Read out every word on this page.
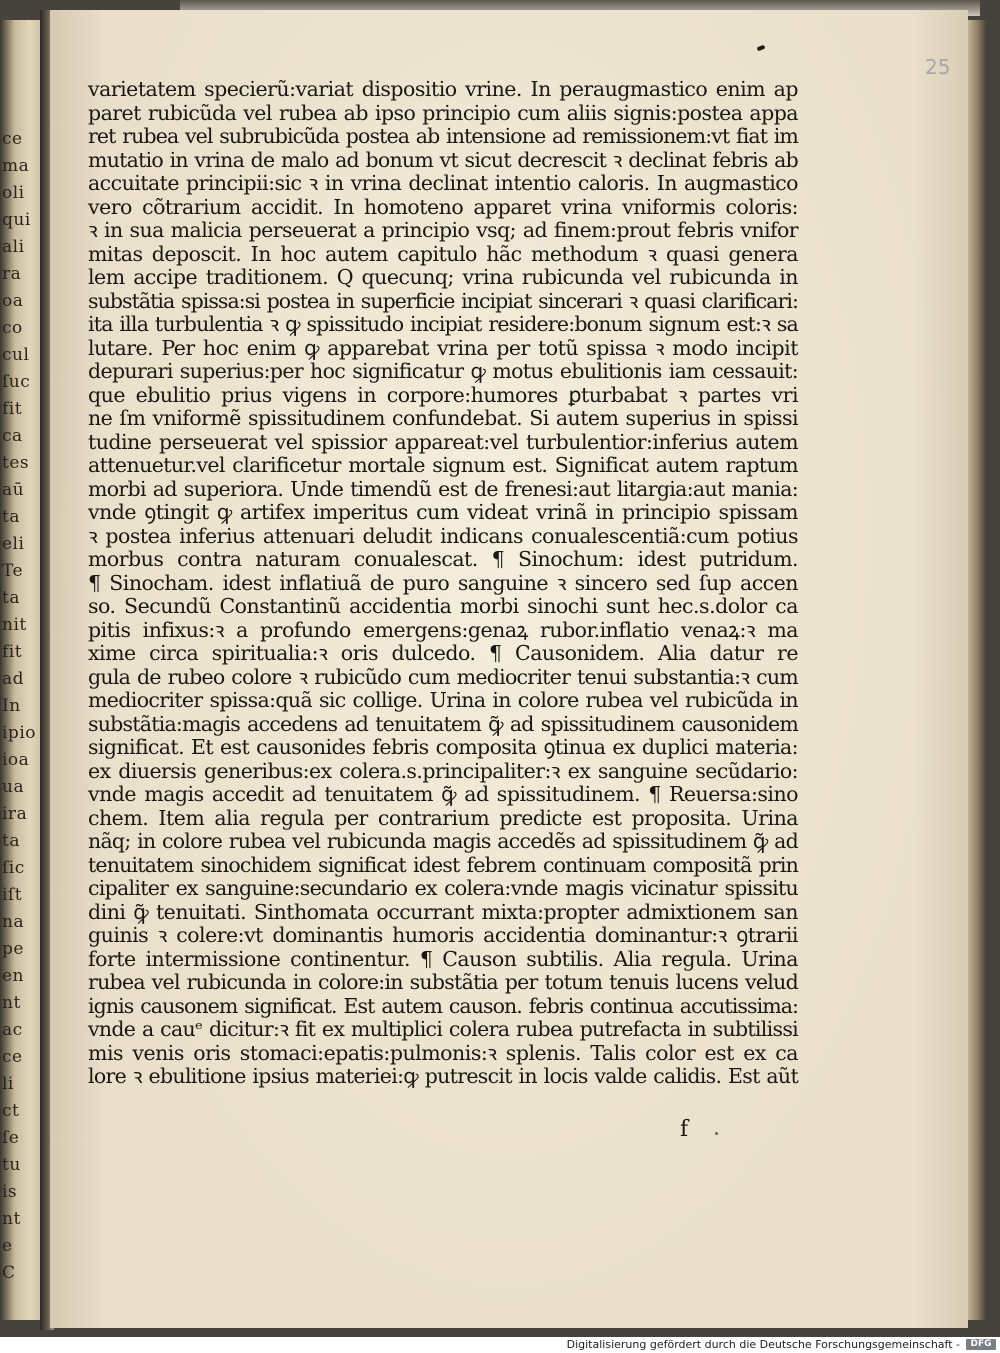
ce
ma
oli
qui
ali
ra
oa
co
cul
ſuc
fit
ca
tes
aū
ta
eli
Te
ta
nit
fit
ad
In
ipio
ioa
ua
ira
ta
ſic
iſt
na
pe
en
nt
ac
ce
li
ct
ſe
tu
is
nt
e
C
25
varietatem specierũ:variat dispositio vrine. In peraugmastico enim ap
paret rubicũda vel rubea ab ipso principio cum aliis signis:postea appa
ret rubea vel subrubicũda postea ab intensione ad remissionem:vt fiat im
mutatio in vrina de malo ad bonum vt sicut decrescit ꝛ declinat febris ab
accuitate principii:sic ꝛ in vrina declinat intentio caloris. In augmastico
vero cõtrarium accidit. In homoteno apparet vrina vniformis coloris:
ꝛ in sua malicia perseuerat a principio vsq; ad finem:prout febris vnifor
mitas deposcit. In hoc autem capitulo hãc methodum ꝛ quasi genera
lem accipe traditionem. Q quecunq; vrina rubicunda vel rubicunda in
substãtia spissa:si postea in superficie incipiat sincerari ꝛ quasi clarificari:
ita illa turbulentia ꝛ ꝙ spissitudo incipiat residere:bonum signum est:ꝛ sa
lutare. Per hoc enim ꝙ apparebat vrina per totũ spissa ꝛ modo incipit
depurari superius:per hoc significatur ꝙ motus ebulitionis iam cessauit:
que ebulitio prius vigens in corpore:humores ꝑturbabat ꝛ partes vri
ne ſm vniformẽ spissitudinem confundebat. Si autem superius in spissi
tudine perseuerat vel spissior appareat:vel turbulentior:inferius autem
attenuetur.vel clarificetur mortale signum est. Significat autem raptum
morbi ad superiora. Unde timendũ est de frenesi:aut litargia:aut mania:
vnde ꝯtingit ꝙ artifex imperitus cum videat vrinã in principio spissam
ꝛ postea inferius attenuari deludit indicans conualescentiã:cum potius
morbus contra naturam conualescat. ¶ Sinochum: idest putridum.
¶ Sinocham. idest inflatiuã de puro sanguine ꝛ sincero sed ſup accen
so. Secundũ Constantinũ accidentia morbi sinochi sunt hec.s.dolor ca
pitis infixus:ꝛ a profundo emergens:genaꝝ rubor.inflatio venaꝝ:ꝛ ma
xime circa spiritualia:ꝛ oris dulcedo. ¶ Causonidem. Alia datur re
gula de rubeo colore ꝛ rubicũdo cum mediocriter tenui substantia:ꝛ cum
mediocriter spissa:quã sic collige. Urina in colore rubea vel rubicũda in
substãtia:magis accedens ad tenuitatem ꝙ̃ ad spissitudinem causonidem
significat. Et est causonides febris composita ꝯtinua ex duplici materia:
ex diuersis generibus:ex colera.s.principaliter:ꝛ ex sanguine secũdario:
vnde magis accedit ad tenuitatem ꝙ̃ ad spissitudinem. ¶ Reuersa:sino
chem. Item alia regula per contrarium predicte est proposita. Urina
nãq; in colore rubea vel rubicunda magis accedẽs ad spissitudinem ꝙ̃ ad
tenuitatem sinochidem significat idest febrem continuam compositã prin
cipaliter ex sanguine:secundario ex colera:vnde magis vicinatur spissitu
dini ꝙ̃ tenuitati. Sinthomata occurrant mixta:propter admixtionem san
guinis ꝛ colere:vt dominantis humoris accidentia dominantur:ꝛ ꝯtrarii
forte intermissione continentur. ¶ Causon subtilis. Alia regula. Urina
rubea vel rubicunda in colore:in substãtia per totum tenuis lucens velud
ignis causonem significat. Est autem causon. febris continua accutissima:
vnde a cauᵉ dicitur:ꝛ fit ex multiplici colera rubea putrefacta in subtilissi
mis venis oris stomaci:epatis:pulmonis:ꝛ splenis. Talis color est ex ca
lore ꝛ ebulitione ipsius materiei:ꝙ putrescit in locis valde calidis. Est aũt
f
Digitalisierung gefördert durch die Deutsche Forschungsgemeinschaft -	DFG
